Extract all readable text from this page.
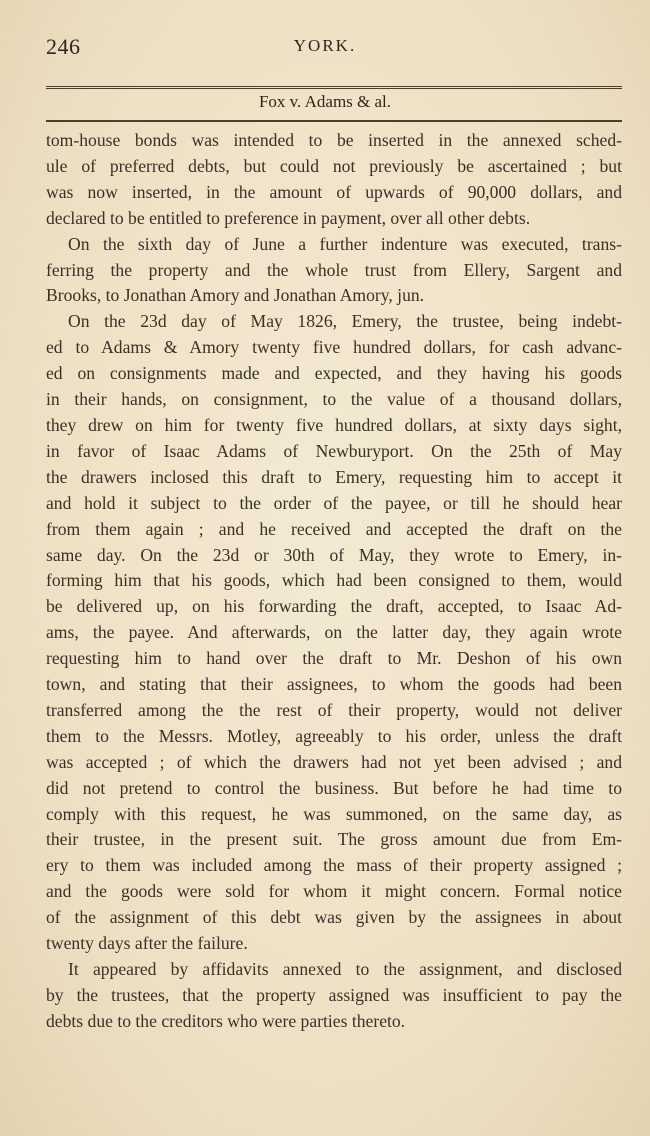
246	YORK.
Fox v. Adams & al.
tom-house bonds was intended to be inserted in the annexed sched-
ule of preferred debts, but could not previously be ascertained ; but
was now inserted, in the amount of upwards of 90,000 dollars, and
declared to be entitled to preference in payment, over all other debts.
On the sixth day of June a further indenture was executed, trans-
ferring the property and the whole trust from Ellery, Sargent and
Brooks, to Jonathan Amory and Jonathan Amory, jun.
On the 23d day of May 1826, Emery, the trustee, being indebt-
ed to Adams & Amory twenty five hundred dollars, for cash advanc-
ed on consignments made and expected, and they having his goods
in their hands, on consignment, to the value of a thousand dollars,
they drew on him for twenty five hundred dollars, at sixty days sight,
in favor of Isaac Adams of Newburyport. On the 25th of May
the drawers inclosed this draft to Emery, requesting him to accept it
and hold it subject to the order of the payee, or till he should hear
from them again ; and he received and accepted the draft on the
same day. On the 23d or 30th of May, they wrote to Emery, in-
forming him that his goods, which had been consigned to them, would
be delivered up, on his forwarding the draft, accepted, to Isaac Ad-
ams, the payee. And afterwards, on the latter day, they again wrote
requesting him to hand over the draft to Mr. Deshon of his own
town, and stating that their assignees, to whom the goods had been
transferred among the the rest of their property, would not deliver
them to the Messrs. Motley, agreeably to his order, unless the draft
was accepted ; of which the drawers had not yet been advised ; and
did not pretend to control the business. But before he had time to
comply with this request, he was summoned, on the same day, as
their trustee, in the present suit. The gross amount due from Em-
ery to them was included among the mass of their property assigned ;
and the goods were sold for whom it might concern. Formal notice
of the assignment of this debt was given by the assignees in about
twenty days after the failure.
It appeared by affidavits annexed to the assignment, and disclosed
by the trustees, that the property assigned was insufficient to pay the
debts due to the creditors who were parties thereto.
